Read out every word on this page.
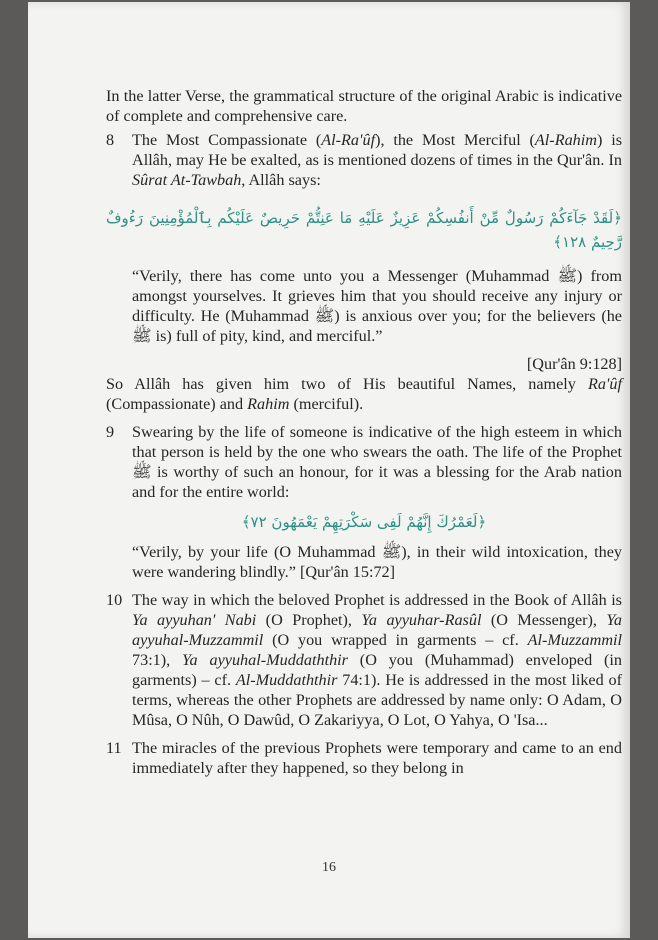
In the latter Verse, the grammatical structure of the original Arabic is indicative of complete and comprehensive care.

8 The Most Compassionate (Al-Ra'ûf), the Most Merciful (Al-Rahim) is Allâh, may He be exalted, as is mentioned dozens of times in the Qur'ân. In Sûrat At-Tawbah, Allâh says:

﴿لَقَدْ جَآءَكُمْ رَسُولٌ مِّنْ أَنفُسِكُمْ عَزِيزٌ عَلَيْهِ مَا عَنِتُّمْ حَرِيصٌ عَلَيْكُم بِٱلْمُؤْمِنِينَ رَءُوفٌ رَّحِيمٌ ١٢٨﴾

“Verily, there has come unto you a Messenger (Muhammad ﷺ) from amongst yourselves. It grieves him that you should receive any injury or difficulty. He (Muhammad ﷺ) is anxious over you; for the believers (he ﷺ is) full of pity, kind, and merciful.”

[Qur'ân 9:128]

So Allâh has given him two of His beautiful Names, namely Ra'ûf (Compassionate) and Rahim (merciful).

9 Swearing by the life of someone is indicative of the high esteem in which that person is held by the one who swears the oath. The life of the Prophet ﷺ is worthy of such an honour, for it was a blessing for the Arab nation and for the entire world:

﴿لَعَمْرُكَ إِنَّهُمْ لَفِى سَكْرَتِهِمْ يَعْمَهُونَ ٧٢﴾

“Verily, by your life (O Muhammad ﷺ), in their wild intoxication, they were wandering blindly.” [Qur'ân 15:72]

10 The way in which the beloved Prophet is addressed in the Book of Allâh is Ya ayyuhan' Nabi (O Prophet), Ya ayyuhar-Rasûl (O Messenger), Ya ayyuhal-Muzzammil (O you wrapped in garments – cf. Al-Muzzammil 73:1), Ya ayyuhal-Muddaththir (O you (Muhammad) enveloped (in garments) – cf. Al-Muddaththir 74:1). He is addressed in the most liked of terms, whereas the other Prophets are addressed by name only: O Adam, O Mûsa, O Nûh, O Dawûd, O Zakariyya, O Lot, O Yahya, O 'Isa...

11 The miracles of the previous Prophets were temporary and came to an end immediately after they happened, so they belong in

16
